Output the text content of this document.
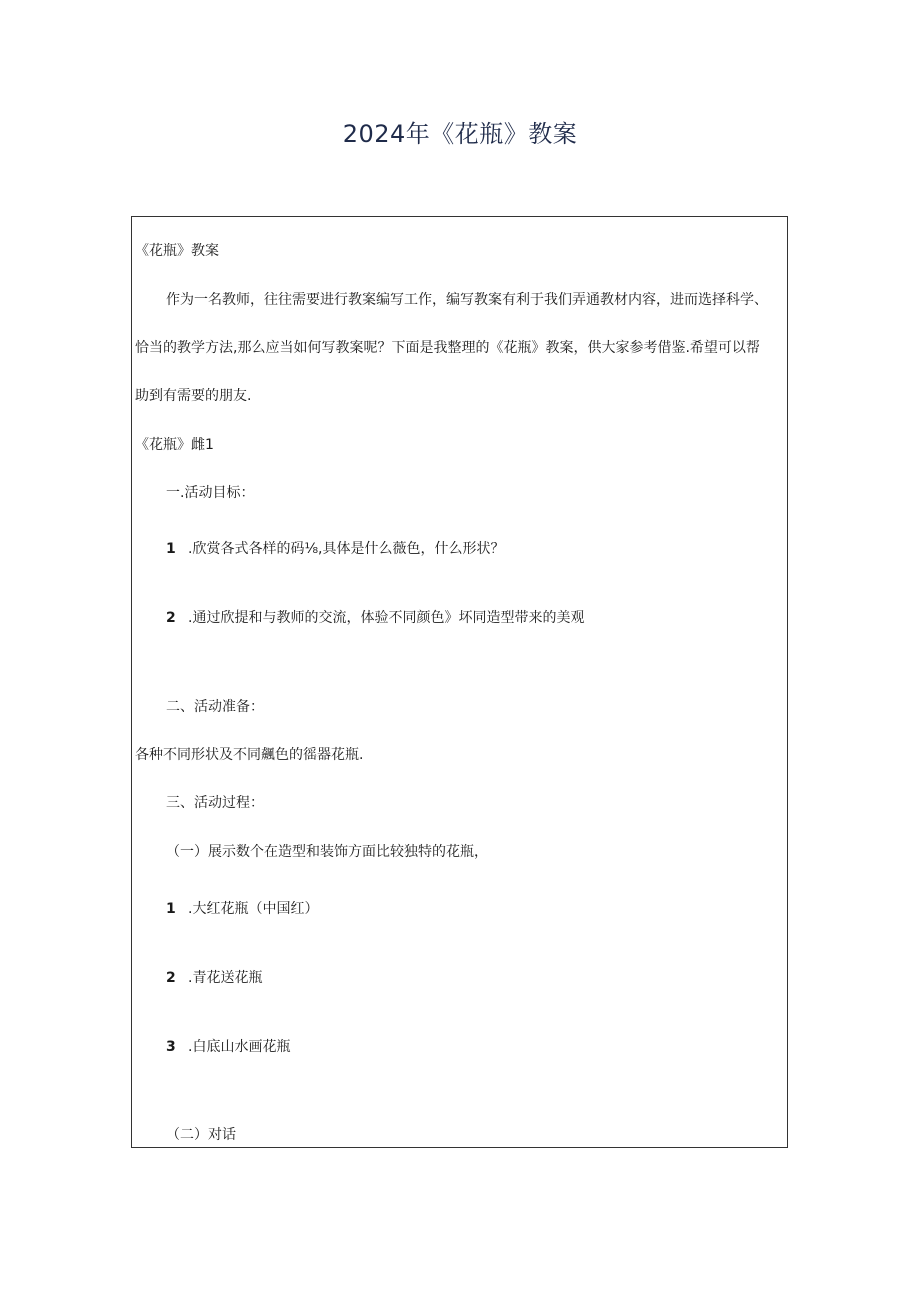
2024年《花瓶》教案
《花瓶》教案
作为一名教师，往往需要进行教案编写工作，编写教案有利于我们弄通教材内容，进而选择科学、
恰当的教学方法,那么应当如何写教案呢？下面是我整理的《花瓶》教案，供大家参考借鉴.希望可以帮
助到有需要的朋友.
《花瓶》雌1
一.活动目标：
1 .欣赏各式各样的码⅛,具体是什么薇色，什么形状？
2 .通过欣提和与教师的交流，体验不同颜色》坏同造型带来的美观
二、活动准备：
各种不同形状及不同飆色的徭器花瓶.
三、活动过程：
（一）展示数个在造型和装饰方面比较独特的花瓶，
1 .大红花瓶（中国红）
2 .青花送花瓶
3 .白底山水画花瓶
（二）对话
